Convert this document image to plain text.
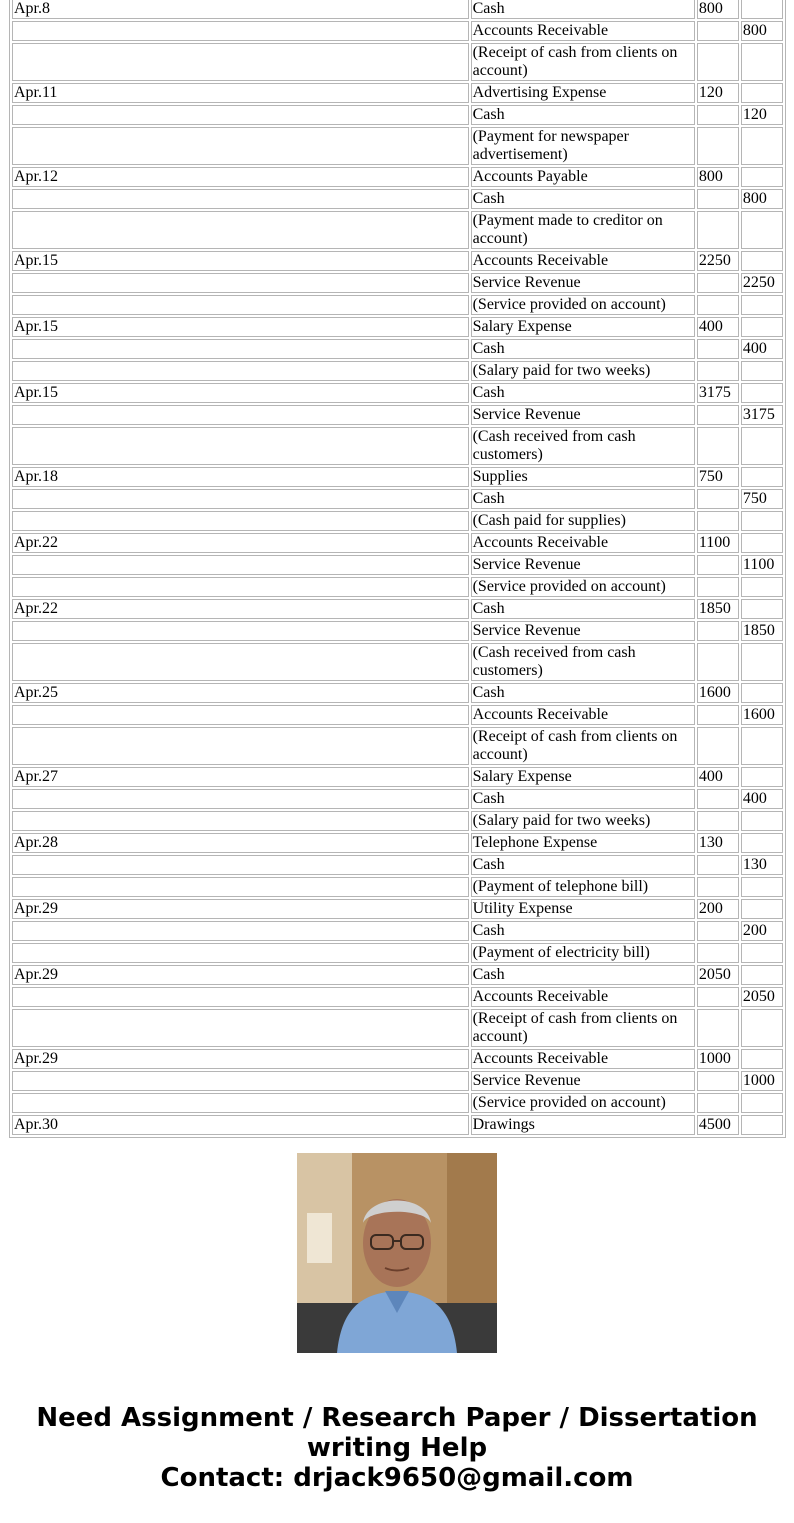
Apr.8	Cash	800	
	Accounts Receivable		800
	(Receipt of cash from clients on account)		
Apr.11	Advertising Expense	120	
	Cash		120
	(Payment for newspaper advertisement)		
Apr.12	Accounts Payable	800	
	Cash		800
	(Payment made to creditor on account)		
Apr.15	Accounts Receivable	2250	
	Service Revenue		2250
	(Service provided on account)		
Apr.15	Salary Expense	400	
	Cash		400
	(Salary paid for two weeks)		
Apr.15	Cash	3175	
	Service Revenue		3175
	(Cash received from cash customers)		
Apr.18	Supplies	750	
	Cash		750
	(Cash paid for supplies)		
Apr.22	Accounts Receivable	1100	
	Service Revenue		1100
	(Service provided on account)		
Apr.22	Cash	1850	
	Service Revenue		1850
	(Cash received from cash customers)		
Apr.25	Cash	1600	
	Accounts Receivable		1600
	(Receipt of cash from clients on account)		
Apr.27	Salary Expense	400	
	Cash		400
	(Salary paid for two weeks)		
Apr.28	Telephone Expense	130	
	Cash		130
	(Payment of telephone bill)		
Apr.29	Utility Expense	200	
	Cash		200
	(Payment of electricity bill)		
Apr.29	Cash	2050	
	Accounts Receivable		2050
	(Receipt of cash from clients on account)		
Apr.29	Accounts Receivable	1000	
	Service Revenue		1000
	(Service provided on account)		
Apr.30	Drawings	4500	
Need Assignment / Research Paper / Dissertation
writing Help
Contact: drjack9650@gmail.com
